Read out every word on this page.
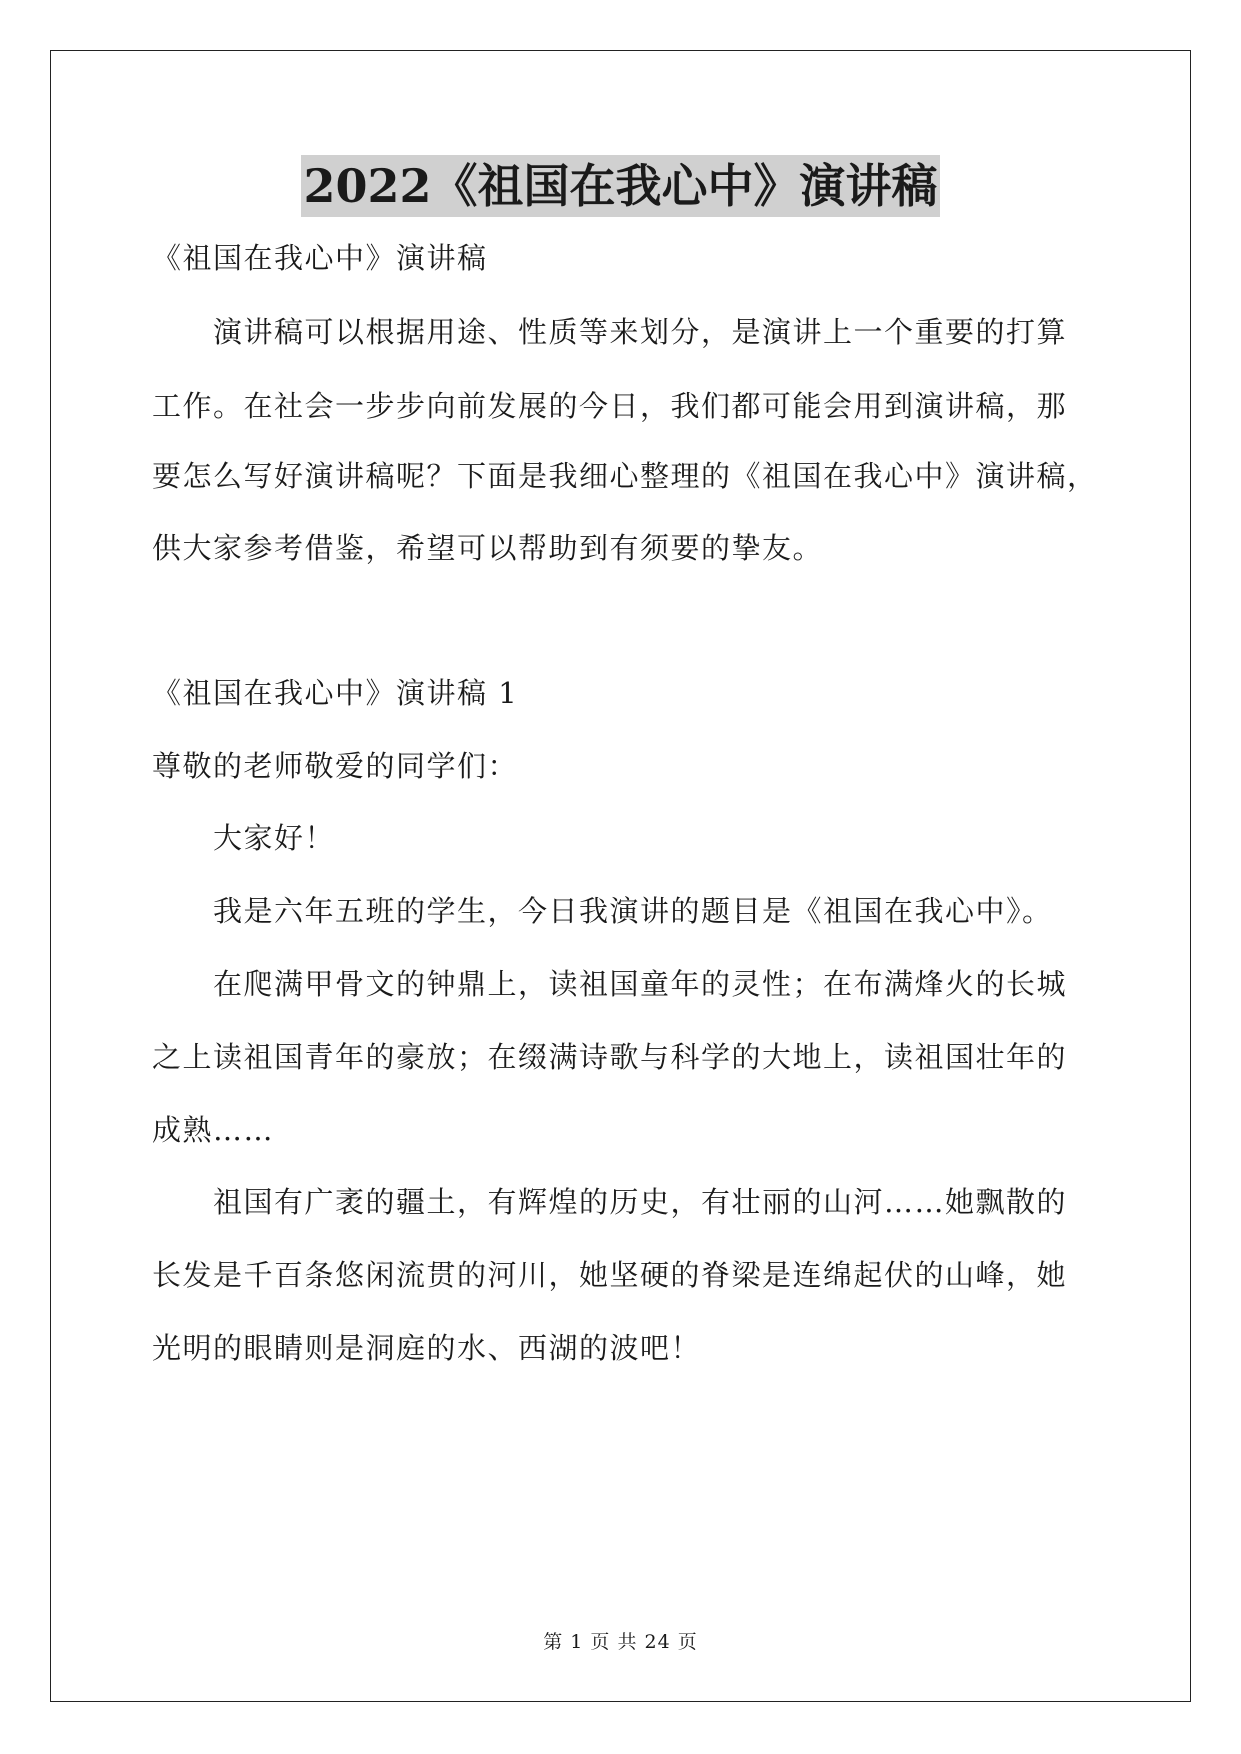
2022《祖国在我心中》演讲稿
《祖国在我心中》演讲稿
演讲稿可以根据用途、性质等来划分，是演讲上一个重要的打算
工作。在社会一步步向前发展的今日，我们都可能会用到演讲稿，那
要怎么写好演讲稿呢？下面是我细心整理的《祖国在我心中》演讲稿，
供大家参考借鉴，希望可以帮助到有须要的挚友。
《祖国在我心中》演讲稿 1
尊敬的老师敬爱的同学们：
大家好！
我是六年五班的学生，今日我演讲的题目是《祖国在我心中》。
在爬满甲骨文的钟鼎上，读祖国童年的灵性；在布满烽火的长城
之上读祖国青年的豪放；在缀满诗歌与科学的大地上，读祖国壮年的
成熟……
祖国有广袤的疆土，有辉煌的历史，有壮丽的山河……她飘散的
长发是千百条悠闲流贯的河川，她坚硬的脊梁是连绵起伏的山峰，她
光明的眼睛则是洞庭的水、西湖的波吧！
第 1 页 共 24 页
